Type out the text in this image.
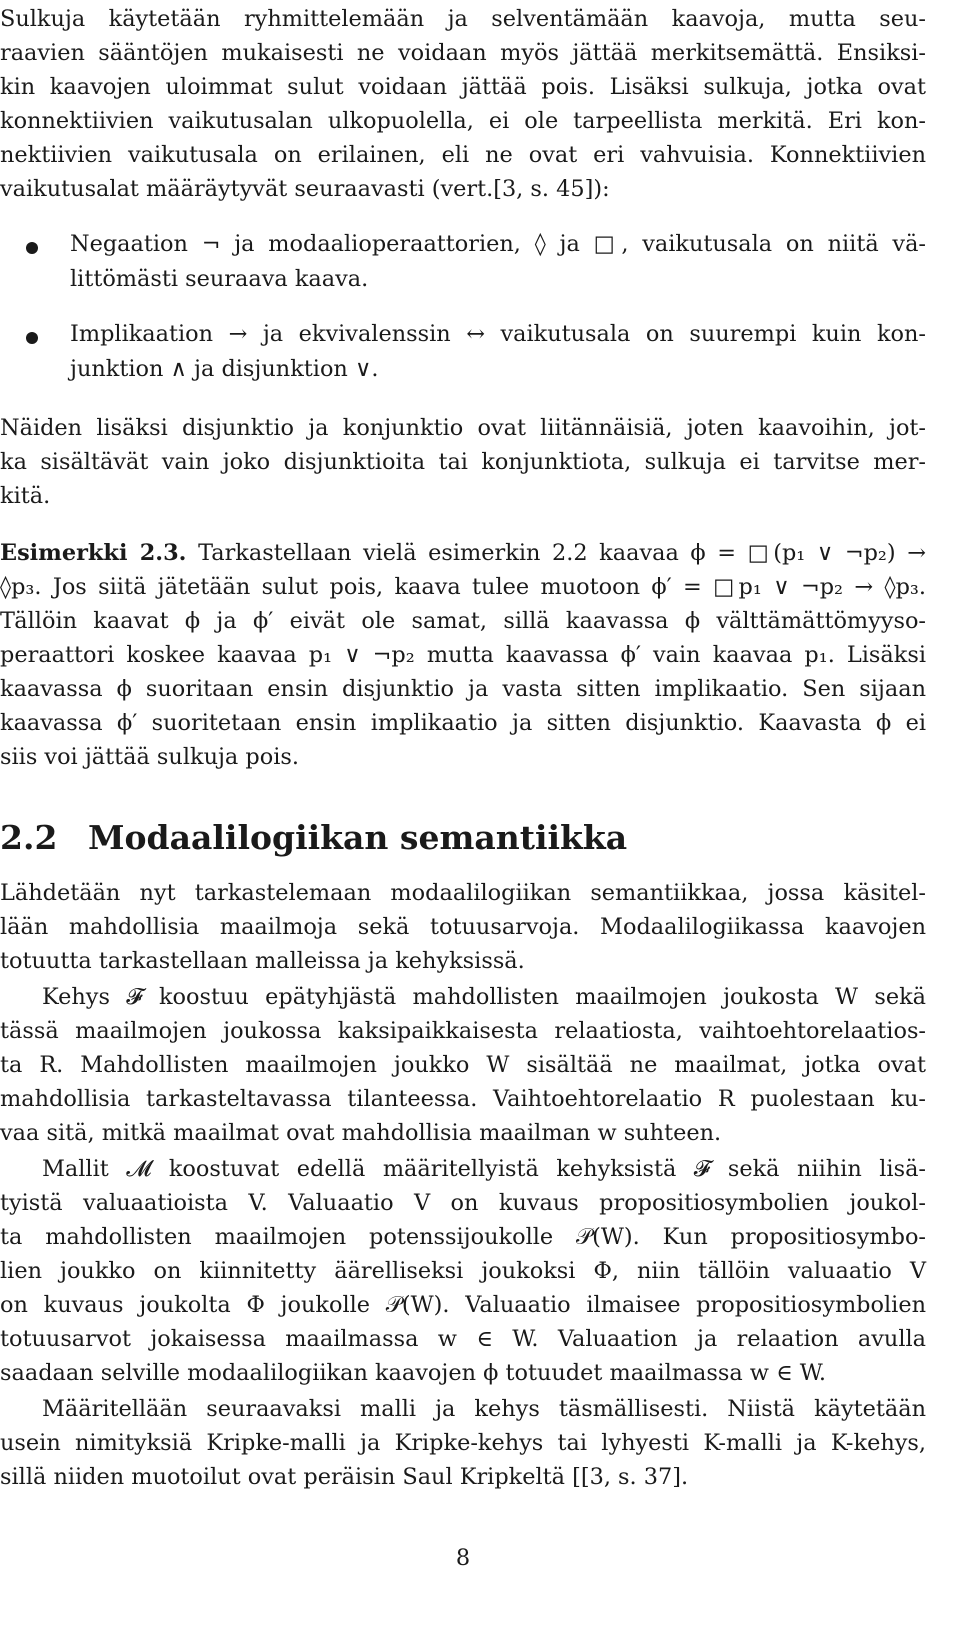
Sulkuja käytetään ryhmittelemään ja selventämään kaavoja, mutta seu-

raavien sääntöjen mukaisesti ne voidaan myös jättää merkitsemättä. Ensiksi-

kin kaavojen uloimmat sulut voidaan jättää pois. Lisäksi sulkuja, jotka ovat

konnektiivien vaikutusalan ulkopuolella, ei ole tarpeellista merkitä. Eri kon-

nektiivien vaikutusala on erilainen, eli ne ovat eri vahvuisia. Konnektiivien

vaikutusalat määräytyvät seuraavasti (vert.[3, s. 45]):

Negaation ¬ ja modaalioperaattorien, ◊ ja □, vaikutusala on niitä vä-

littömästi seuraava kaava.

Implikaation → ja ekvivalenssin ↔ vaikutusala on suurempi kuin kon-

junktion ∧ ja disjunktion ∨.

Näiden lisäksi disjunktio ja konjunktio ovat liitännäisiä, joten kaavoihin, jot-

ka sisältävät vain joko disjunktioita tai konjunktiota, sulkuja ei tarvitse mer-

kitä.

Esimerkki 2.3. Tarkastellaan vielä esimerkin 2.2 kaavaa ϕ = □(p₁ ∨ ¬p₂) →

◊p₃. Jos siitä jätetään sulut pois, kaava tulee muotoon ϕ′ = □p₁ ∨ ¬p₂ → ◊p₃.

Tällöin kaavat ϕ ja ϕ′ eivät ole samat, sillä kaavassa ϕ välttämättömyyso-

peraattori koskee kaavaa p₁ ∨ ¬p₂ mutta kaavassa ϕ′ vain kaavaa p₁. Lisäksi

kaavassa ϕ suoritaan ensin disjunktio ja vasta sitten implikaatio. Sen sijaan

kaavassa ϕ′ suoritetaan ensin implikaatio ja sitten disjunktio. Kaavasta ϕ ei

siis voi jättää sulkuja pois.

2.2 Modaalilogiikan semantiikka

Lähdetään nyt tarkastelemaan modaalilogiikan semantiikkaa, jossa käsitel-

lään mahdollisia maailmoja sekä totuusarvoja. Modaalilogiikassa kaavojen

totuutta tarkastellaan malleissa ja kehyksissä.

Kehys 𝓕 koostuu epätyhjästä mahdollisten maailmojen joukosta W sekä

tässä maailmojen joukossa kaksipaikkaisesta relaatiosta, vaihtoehtorelaatios-

ta R. Mahdollisten maailmojen joukko W sisältää ne maailmat, jotka ovat

mahdollisia tarkasteltavassa tilanteessa. Vaihtoehtorelaatio R puolestaan ku-

vaa sitä, mitkä maailmat ovat mahdollisia maailman w suhteen.

Mallit 𝓜 koostuvat edellä määritellyistä kehyksistä 𝓕 sekä niihin lisä-

tyistä valuaatioista V. Valuaatio V on kuvaus propositiosymbolien joukol-

ta mahdollisten maailmojen potenssijoukolle 𝒫(W). Kun propositiosymbo-

lien joukko on kiinnitetty äärelliseksi joukoksi Φ, niin tällöin valuaatio V

on kuvaus joukolta Φ joukolle 𝒫(W). Valuaatio ilmaisee propositiosymbolien

totuusarvot jokaisessa maailmassa w ∈ W. Valuaation ja relaation avulla

saadaan selville modaalilogiikan kaavojen ϕ totuudet maailmassa w ∈ W.

Määritellään seuraavaksi malli ja kehys täsmällisesti. Niistä käytetään

usein nimityksiä Kripke-malli ja Kripke-kehys tai lyhyesti K-malli ja K-kehys,

sillä niiden muotoilut ovat peräisin Saul Kripkeltä [[3, s. 37].

8
